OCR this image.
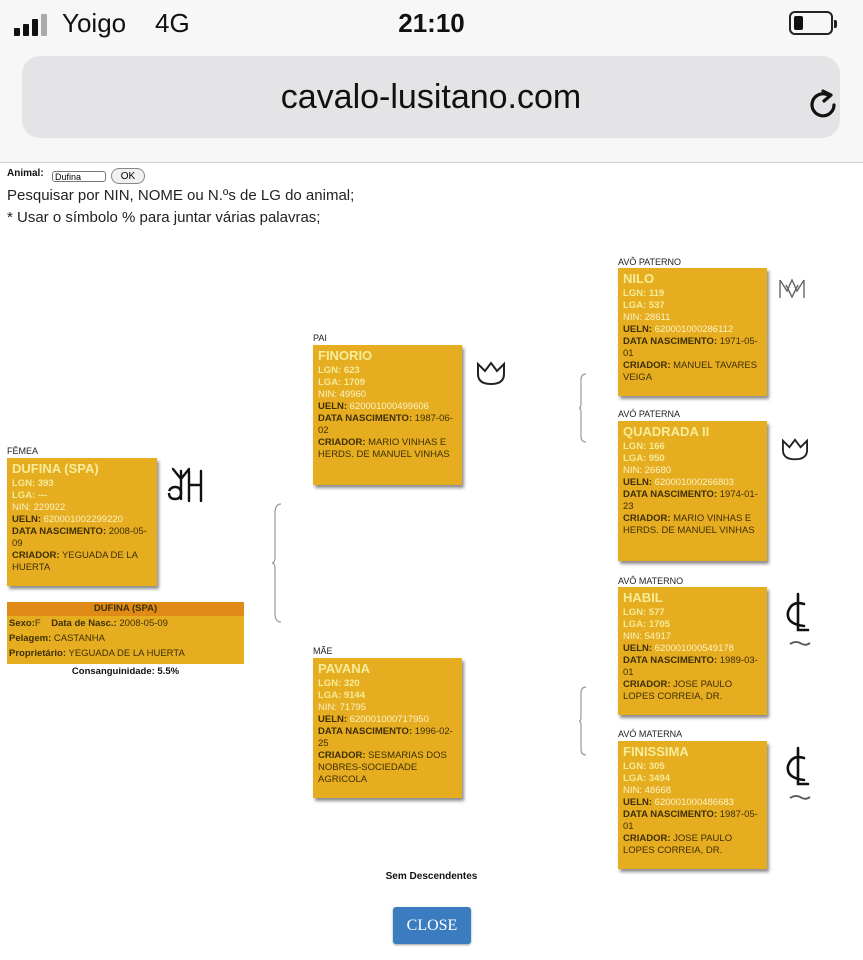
Yoigo 4G	21:10
cavalo-lusitano.com
Animal:
Dufina	OK
Pesquisar por NIN, NOME ou N.ºs de LG do animal;
* Usar o símbolo % para juntar várias palavras;
FÊMEA
DUFINA (SPA)
LGN: 393
LGA: ---
NIN: 229922
UELN: 620001002299220
DATA NASCIMENTO: 2008-05-09
CRIADOR: YEGUADA DE LA HUERTA
DUFINA (SPA)
Sexo:F Data de Nasc.: 2008-05-09
Pelagem: CASTANHA
Proprietário: YEGUADA DE LA HUERTA
Consanguinidade: 5.5%
PAI
FINORIO
LGN: 623
LGA: 1709
NIN: 49960
UELN: 620001000499606
DATA NASCIMENTO: 1987-06-02
CRIADOR: MARIO VINHAS E HERDS. DE MANUEL VINHAS
MÃE
PAVANA
LGN: 320
LGA: 9144
NIN: 71795
UELN: 620001000717950
DATA NASCIMENTO: 1996-02-25
CRIADOR: SESMARIAS DOS NOBRES-SOCIEDADE AGRICOLA
AVÔ PATERNO
NILO
LGN: 119
LGA: 537
NIN: 28611
UELN: 620001000286112
DATA NASCIMENTO: 1971-05-01
CRIADOR: MANUEL TAVARES VEIGA
AVÓ PATERNA
QUADRADA II
LGN: 166
LGA: 950
NIN: 26680
UELN: 620001000266803
DATA NASCIMENTO: 1974-01-23
CRIADOR: MARIO VINHAS E HERDS. DE MANUEL VINHAS
AVÔ MATERNO
HABIL
LGN: 577
LGA: 1705
NIN: 54917
UELN: 620001000549178
DATA NASCIMENTO: 1989-03-01
CRIADOR: JOSE PAULO LOPES CORREIA, DR.
AVÓ MATERNA
FINISSIMA
LGN: 305
LGA: 3494
NIN: 48668
UELN: 620001000486683
DATA NASCIMENTO: 1987-05-01
CRIADOR: JOSE PAULO LOPES CORREIA, DR.
Sem Descendentes
CLOSE
